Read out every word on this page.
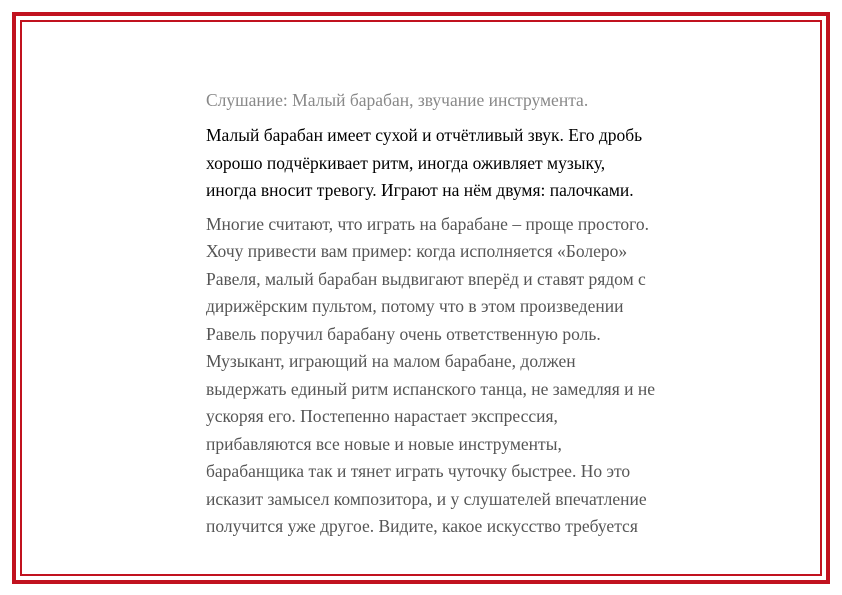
Слушание: Малый барабан, звучание инструмента.
Малый барабан имеет сухой и отчётливый звук. Его дробь
хорошо подчёркивает ритм, иногда оживляет музыку,
иногда вносит тревогу. Играют на нём двумя: палочками.
Многие считают, что играть на барабане – проще простого.
Хочу привести вам пример: когда исполняется «Болеро»
Равеля, малый барабан выдвигают вперёд и ставят рядом с
дирижёрским пультом, потому что в этом произведении
Равель поручил барабану очень ответственную роль.
Музыкант, играющий на малом барабане, должен
выдержать единый ритм испанского танца, не замедляя и не
ускоряя его. Постепенно нарастает экспрессия,
прибавляются все новые и новые инструменты,
барабанщика так и тянет играть чуточку быстрее. Но это
исказит замысел композитора, и у слушателей впечатление
получится уже другое. Видите, какое искусство требуется
